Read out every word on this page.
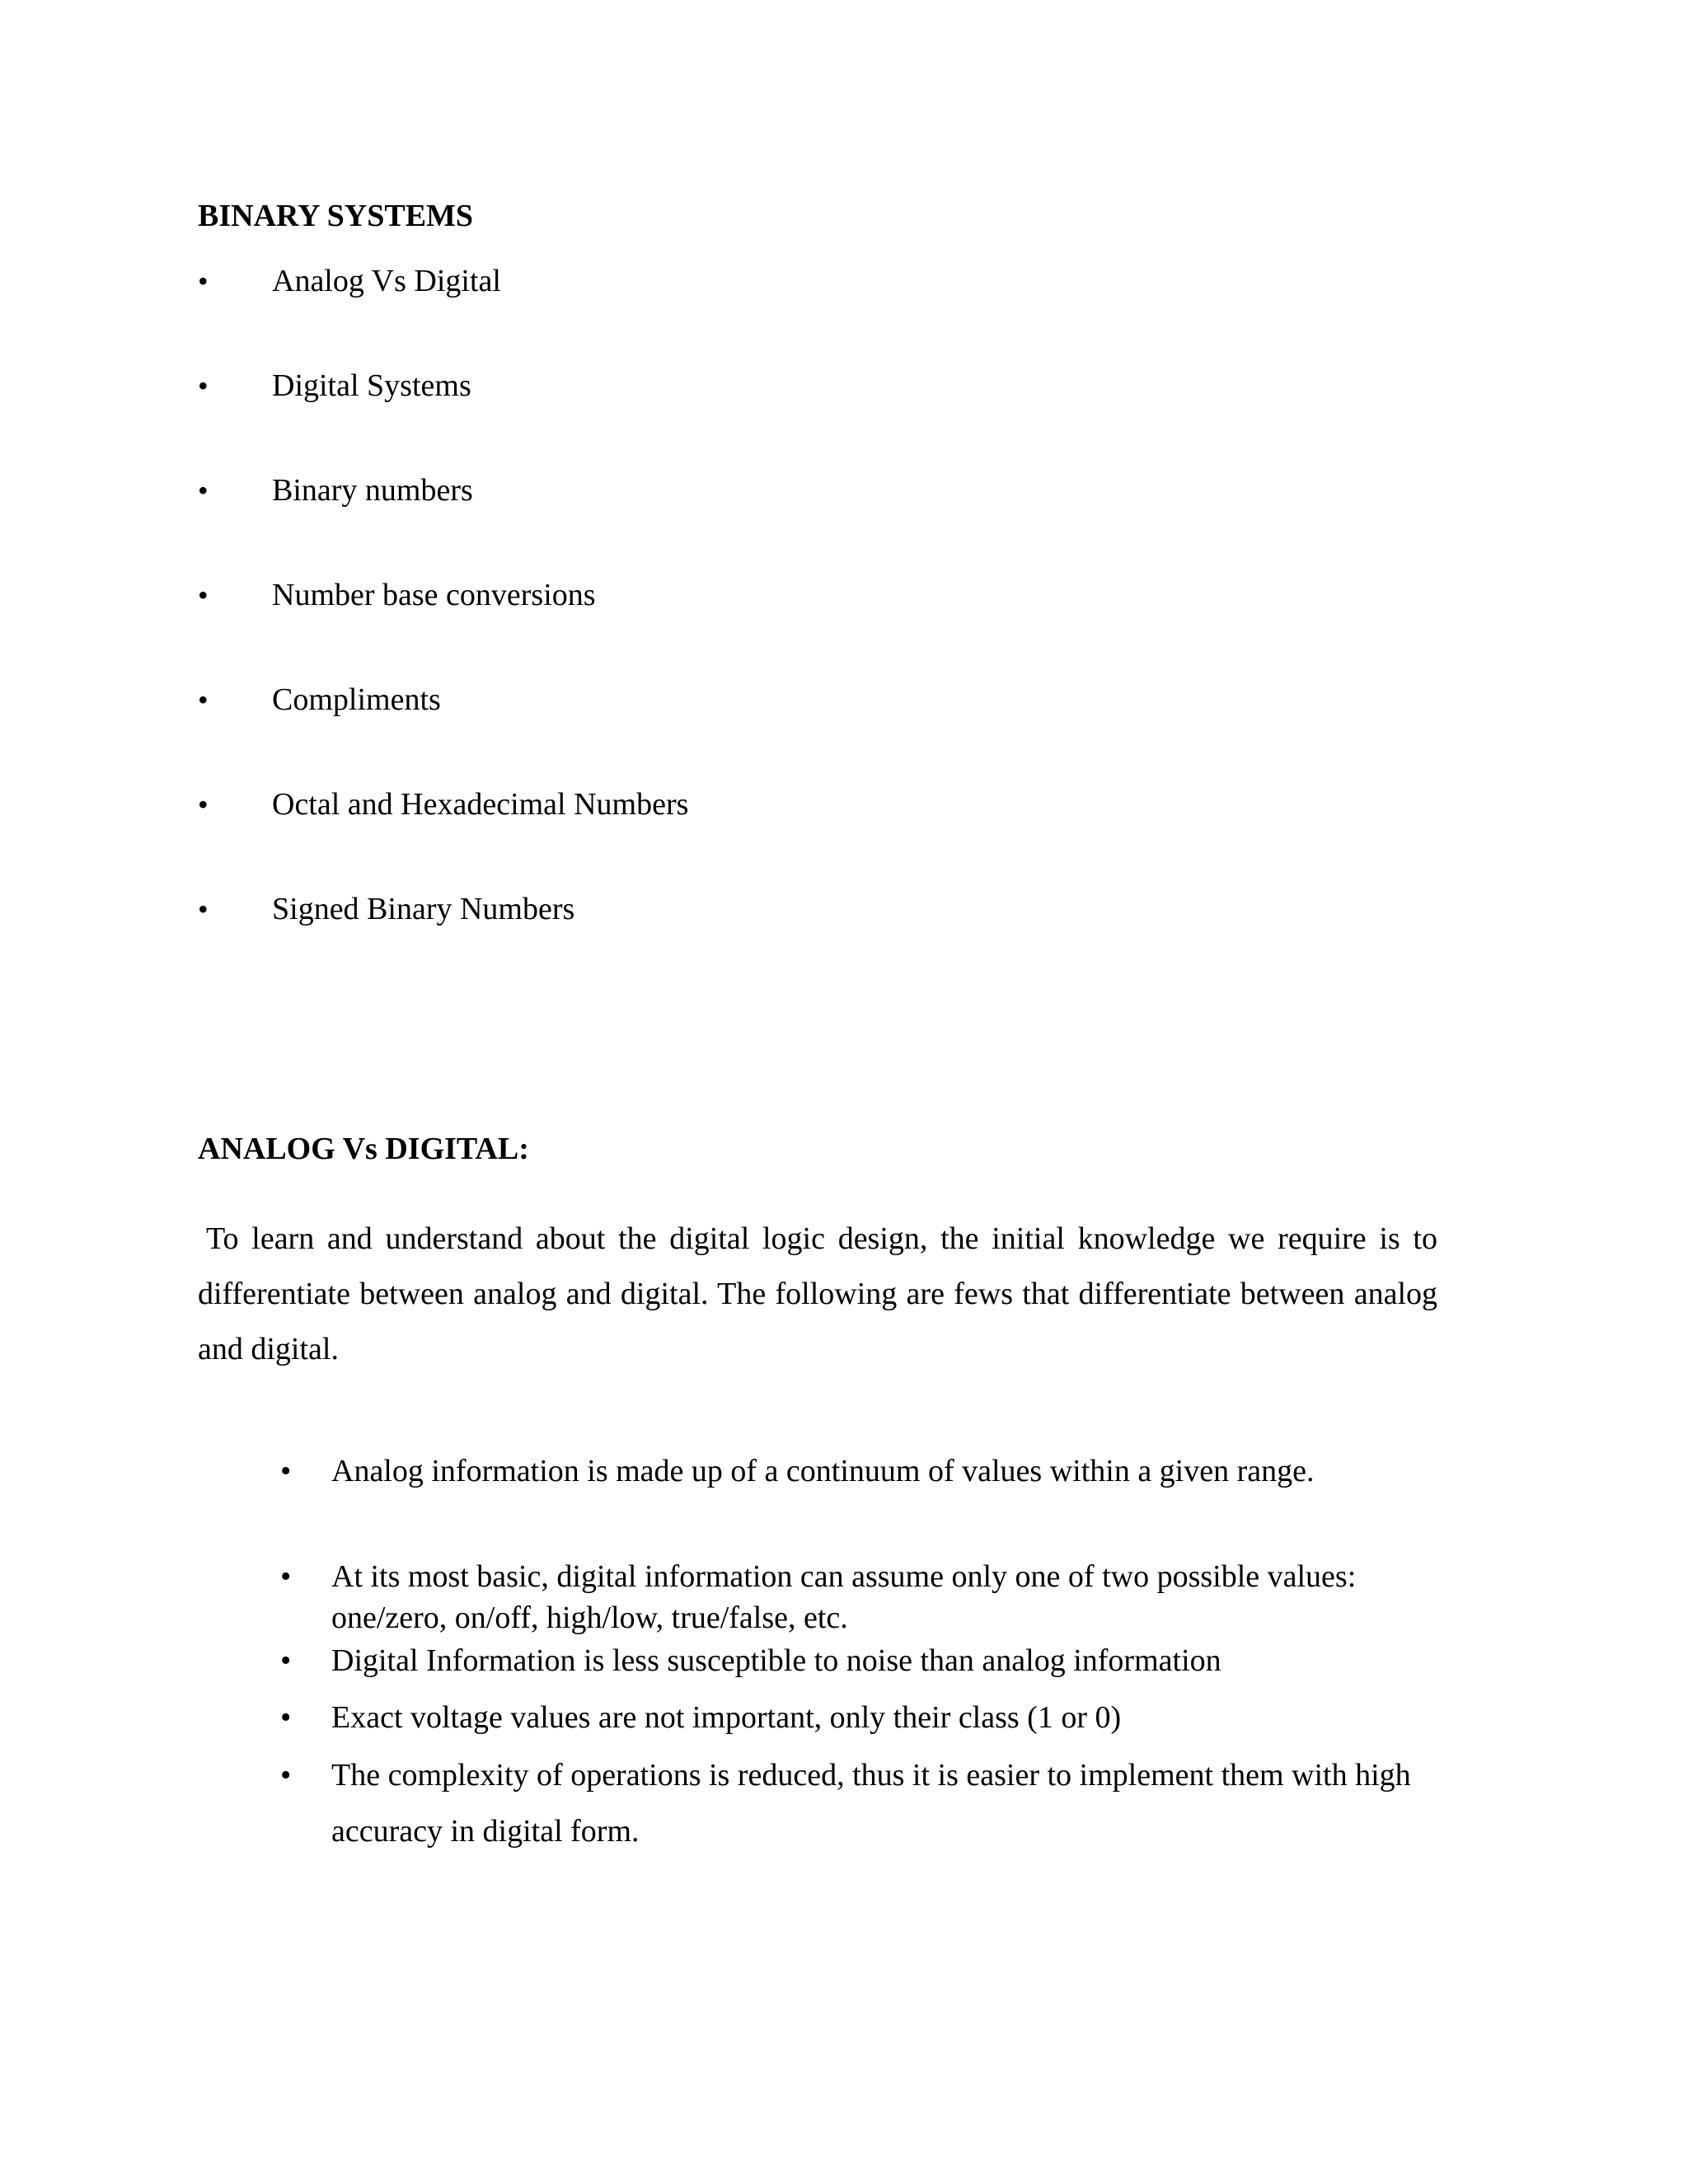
BINARY SYSTEMS
•	Analog Vs Digital
•	Digital Systems
•	Binary numbers
•	Number base conversions
•	Compliments
•	Octal and Hexadecimal Numbers
•	Signed Binary Numbers
ANALOG Vs DIGITAL:

To learn and understand about the digital logic design, the initial knowledge we require is to differentiate between analog and digital. The following are fews that differentiate between analog and digital.

•	Analog information is made up of a continuum of values within a given range.
•	At its most basic, digital information can assume only one of two possible values: one/zero, on/off, high/low, true/false, etc.
•	Digital Information is less susceptible to noise than analog information
•	Exact voltage values are not important, only their class (1 or 0)
•	The complexity of operations is reduced, thus it is easier to implement them with high accuracy in digital form.
